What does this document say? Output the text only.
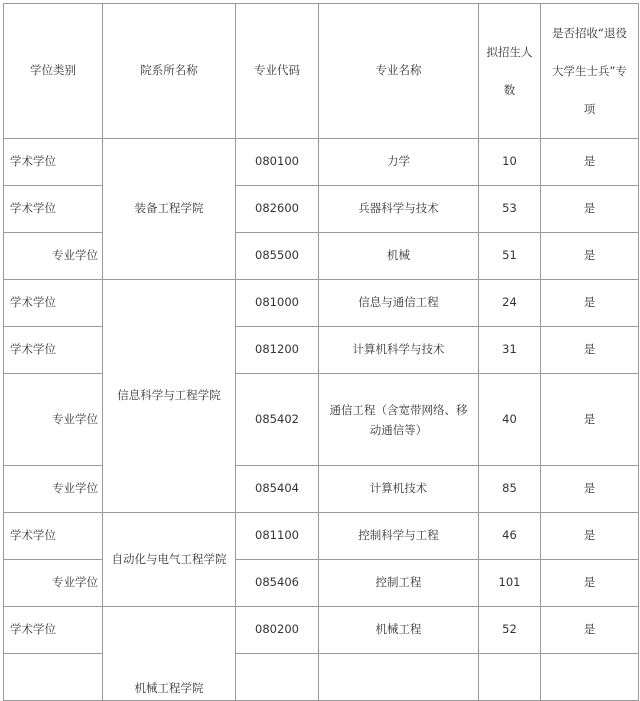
学位类别	院系所名称	专业代码	专业名称	拟招生人数	是否招收“退役大学生士兵”专项

学术学位	装备工程学院	080100	力学	10	是
学术学位		082600	兵器科学与技术	53	是
专业学位		085500	机械	51	是
学术学位	信息科学与工程学院	081000	信息与通信工程	24	是
学术学位		081200	计算机科学与技术	31	是
专业学位		085402	通信工程（含宽带网络、移动通信等）	40	是
专业学位		085404	计算机技术	85	是
学术学位	自动化与电气工程学院	081100	控制科学与工程	46	是
专业学位		085406	控制工程	101	是
学术学位	机械工程学院	080200	机械工程	52	是
